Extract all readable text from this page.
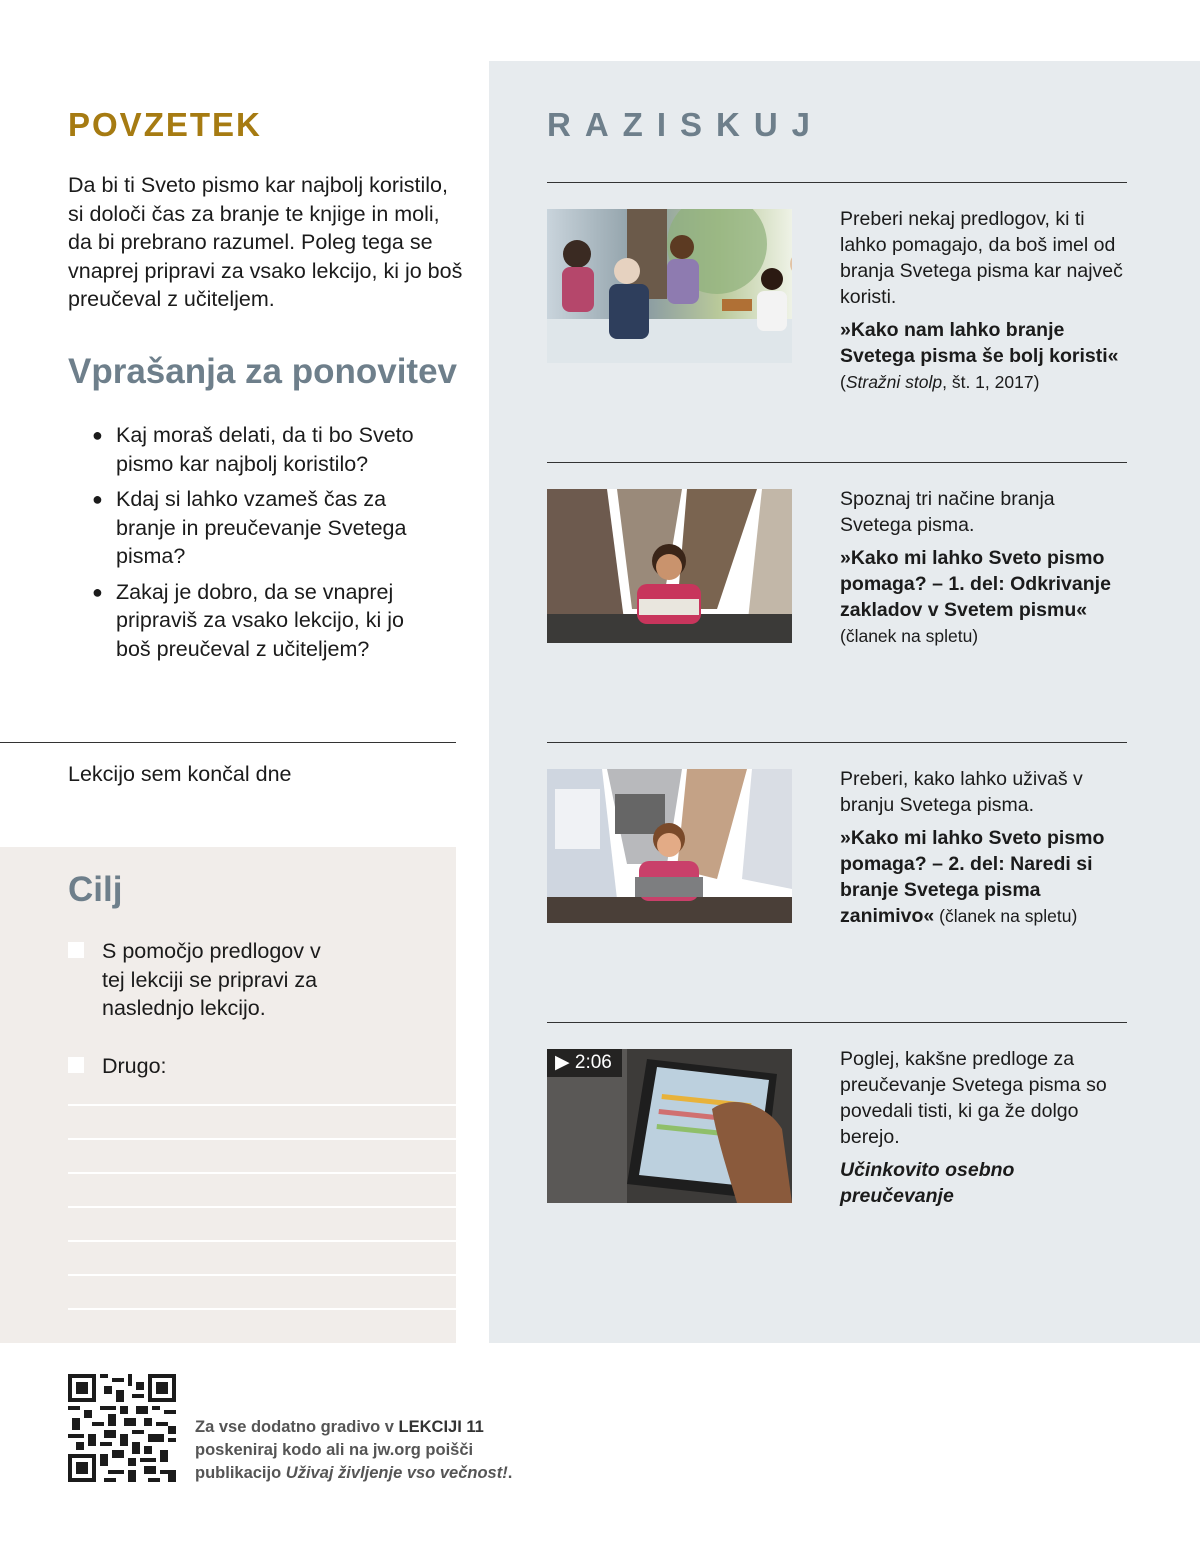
POVZETEK

Da bi ti Sveto pismo kar najbolj koristilo, si določi čas za branje te knjige in moli, da bi prebrano razumel. Poleg tega se vnaprej pripravi za vsako lekcijo, ki jo boš preučeval z učiteljem.

Vprašanja za ponovitev
● Kaj moraš delati, da ti bo Sveto pismo kar najbolj koristilo?
● Kdaj si lahko vzameš čas za branje in preučevanje Svetega pisma?
● Zakaj je dobro, da se vnaprej pripraviš za vsako lekcijo, ki jo boš preučeval z učiteljem?
Lekcijo sem končal dne
Cilj
S pomočjo predlogov v tej lekciji se pripravi za naslednjo lekcijo.
Drugo:
RAZISKUJ

Preberi nekaj predlogov, ki ti lahko pomagajo, da boš imel od branja Svetega pisma kar največ koristi.

»Kako nam lahko branje Svetega pisma še bolj koristi«
(Stražni stolp, št. 1, 2017)

Spoznaj tri načine branja Svetega pisma.

»Kako mi lahko Sveto pismo pomaga? – 1. del: Odkrivanje zakladov v Svetem pismu«
(članek na spletu)

Preberi, kako lahko uživaš v branju Svetega pisma.

»Kako mi lahko Sveto pismo pomaga? – 2. del: Naredi si branje Svetega pisma zanimivo« (članek na spletu)

▶ 2:06	Poglej, kakšne predloge za preučevanje Svetega pisma so povedali tisti, ki ga že dolgo berejo.

Učinkovito osebno preučevanje

Za vse dodatno gradivo v LEKCIJI 11 poskeniraj kodo ali na jw.org poišči publikacijo Uživaj življenje vso večnost!.
